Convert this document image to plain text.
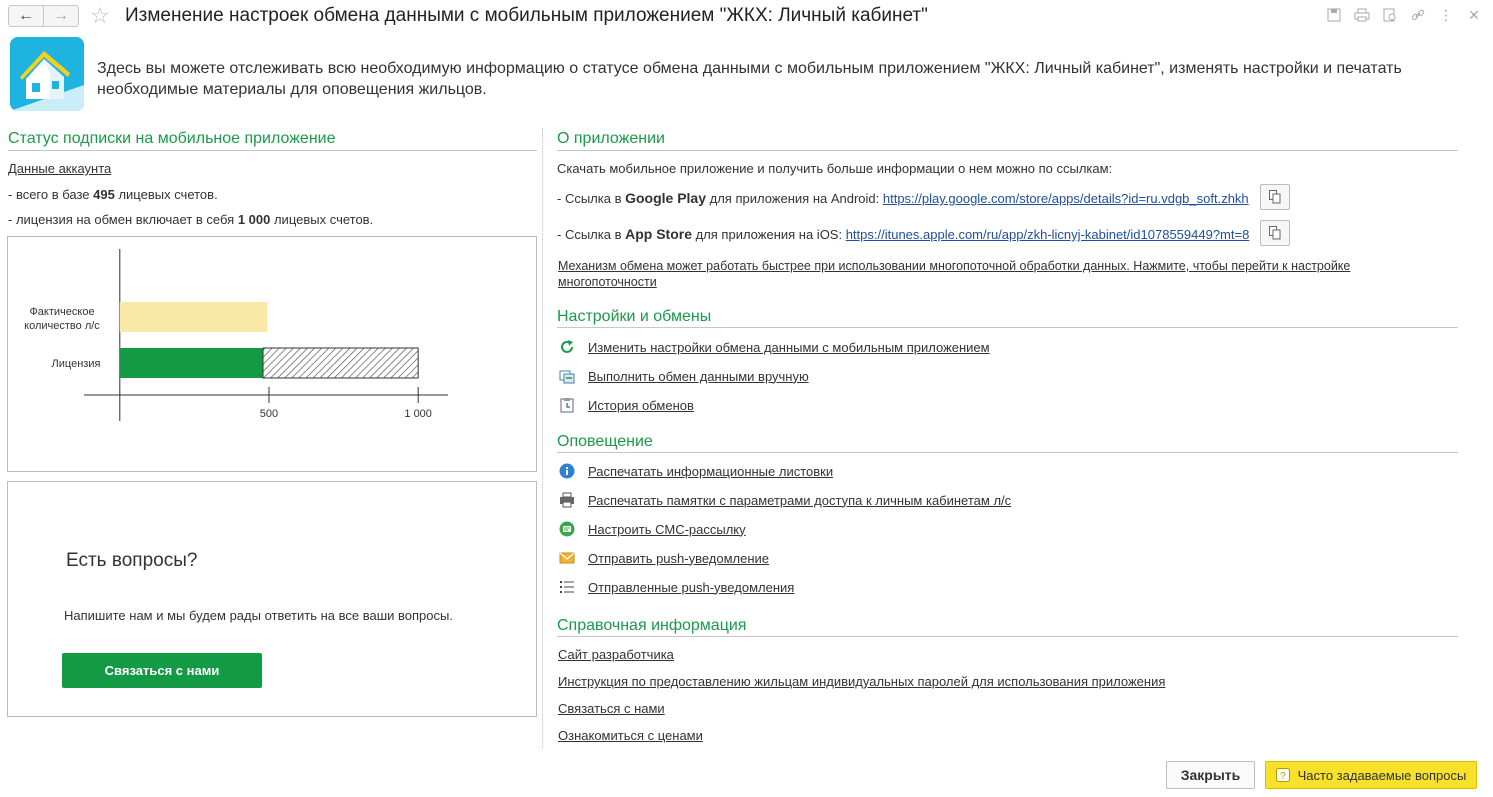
← → ☆ Изменение настроек обмена данными с мобильным приложением "ЖКХ: Личный кабинет"	⋮ ✕
Здесь вы можете отслеживать всю необходимую информацию о статусе обмена данными с мобильным приложением "ЖКХ: Личный кабинет", изменять настройки и печатать необходимые материалы для оповещения жильцов.
Статус подписки на мобильное приложение
Данные аккаунта
- всего в базе 495 лицевых счетов.
- лицензия на обмен включает в себя 1 000 лицевых счетов.
500	1 000
Фактическое
количество л/с
Лицензия
Есть вопросы?
Напишите нам и мы будем рады ответить на все ваши вопросы.
Связаться с нами
О приложении
Скачать мобильное приложение и получить больше информации о нем можно по ссылкам:
- Ссылка в Google Play для приложения на Android: https://play.google.com/store/apps/details?id=ru.vdgb_soft.zhkh
- Ссылка в App Store для приложения на iOS: https://itunes.apple.com/ru/app/zkh-licnyj-kabinet/id1078559449?mt=8
Механизм обмена может работать быстрее при использовании многопоточной обработки данных. Нажмите, чтобы перейти к настройке многопоточности
Настройки и обмены
Изменить настройки обмена данными с мобильным приложением
Выполнить обмен данными вручную
История обменов
Оповещение
Распечатать информационные листовки
Распечатать памятки с параметрами доступа к личным кабинетам л/с
Настроить СМС-рассылку
Отправить push-уведомление
Отправленные push-уведомления
Справочная информация
Сайт разработчика
Инструкция по предоставлению жильцам индивидуальных паролей для использования приложения
Связаться с нами
Ознакомиться с ценами
Закрыть	? Часто задаваемые вопросы
